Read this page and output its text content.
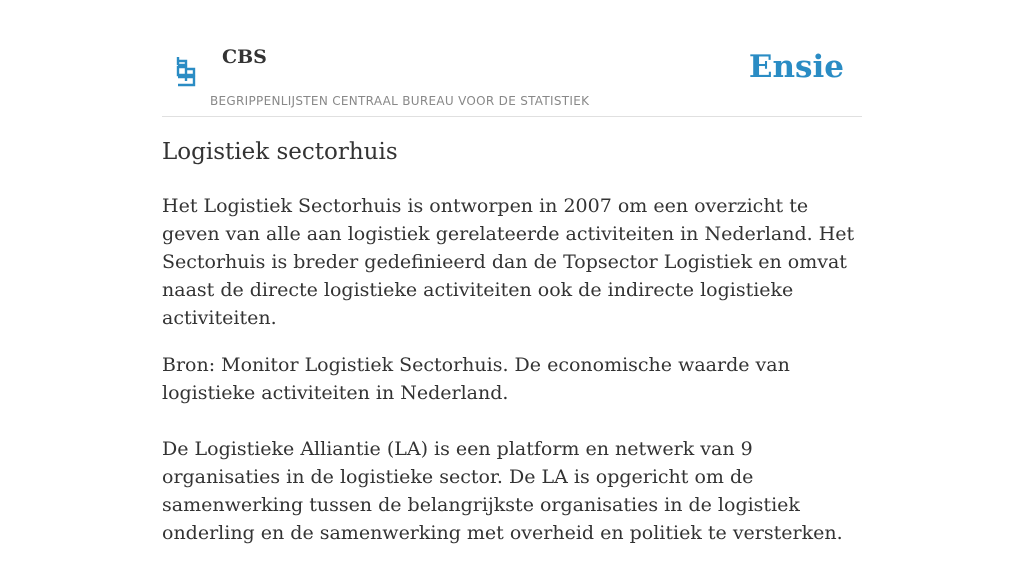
CBS
BEGRIPPENLIJSTEN CENTRAAL BUREAU VOOR DE STATISTIEK
Ensie
Logistiek sectorhuis

Het Logistiek Sectorhuis is ontworpen in 2007 om een overzicht te geven van alle aan logistiek gerelateerde activiteiten in Nederland. Het Sectorhuis is breder gedefinieerd dan de Topsector Logistiek en omvat naast de directe logistieke activiteiten ook de indirecte logistieke activiteiten.

Bron: Monitor Logistiek Sectorhuis. De economische waarde van logistieke activiteiten in Nederland.

De Logistieke Alliantie (LA) is een platform en netwerk van 9 organisaties in de logistieke sector. De LA is opgericht om de samenwerking tussen de belangrijkste organisaties in de logistiek onderling en de samenwerking met overheid en politiek te versterken.
